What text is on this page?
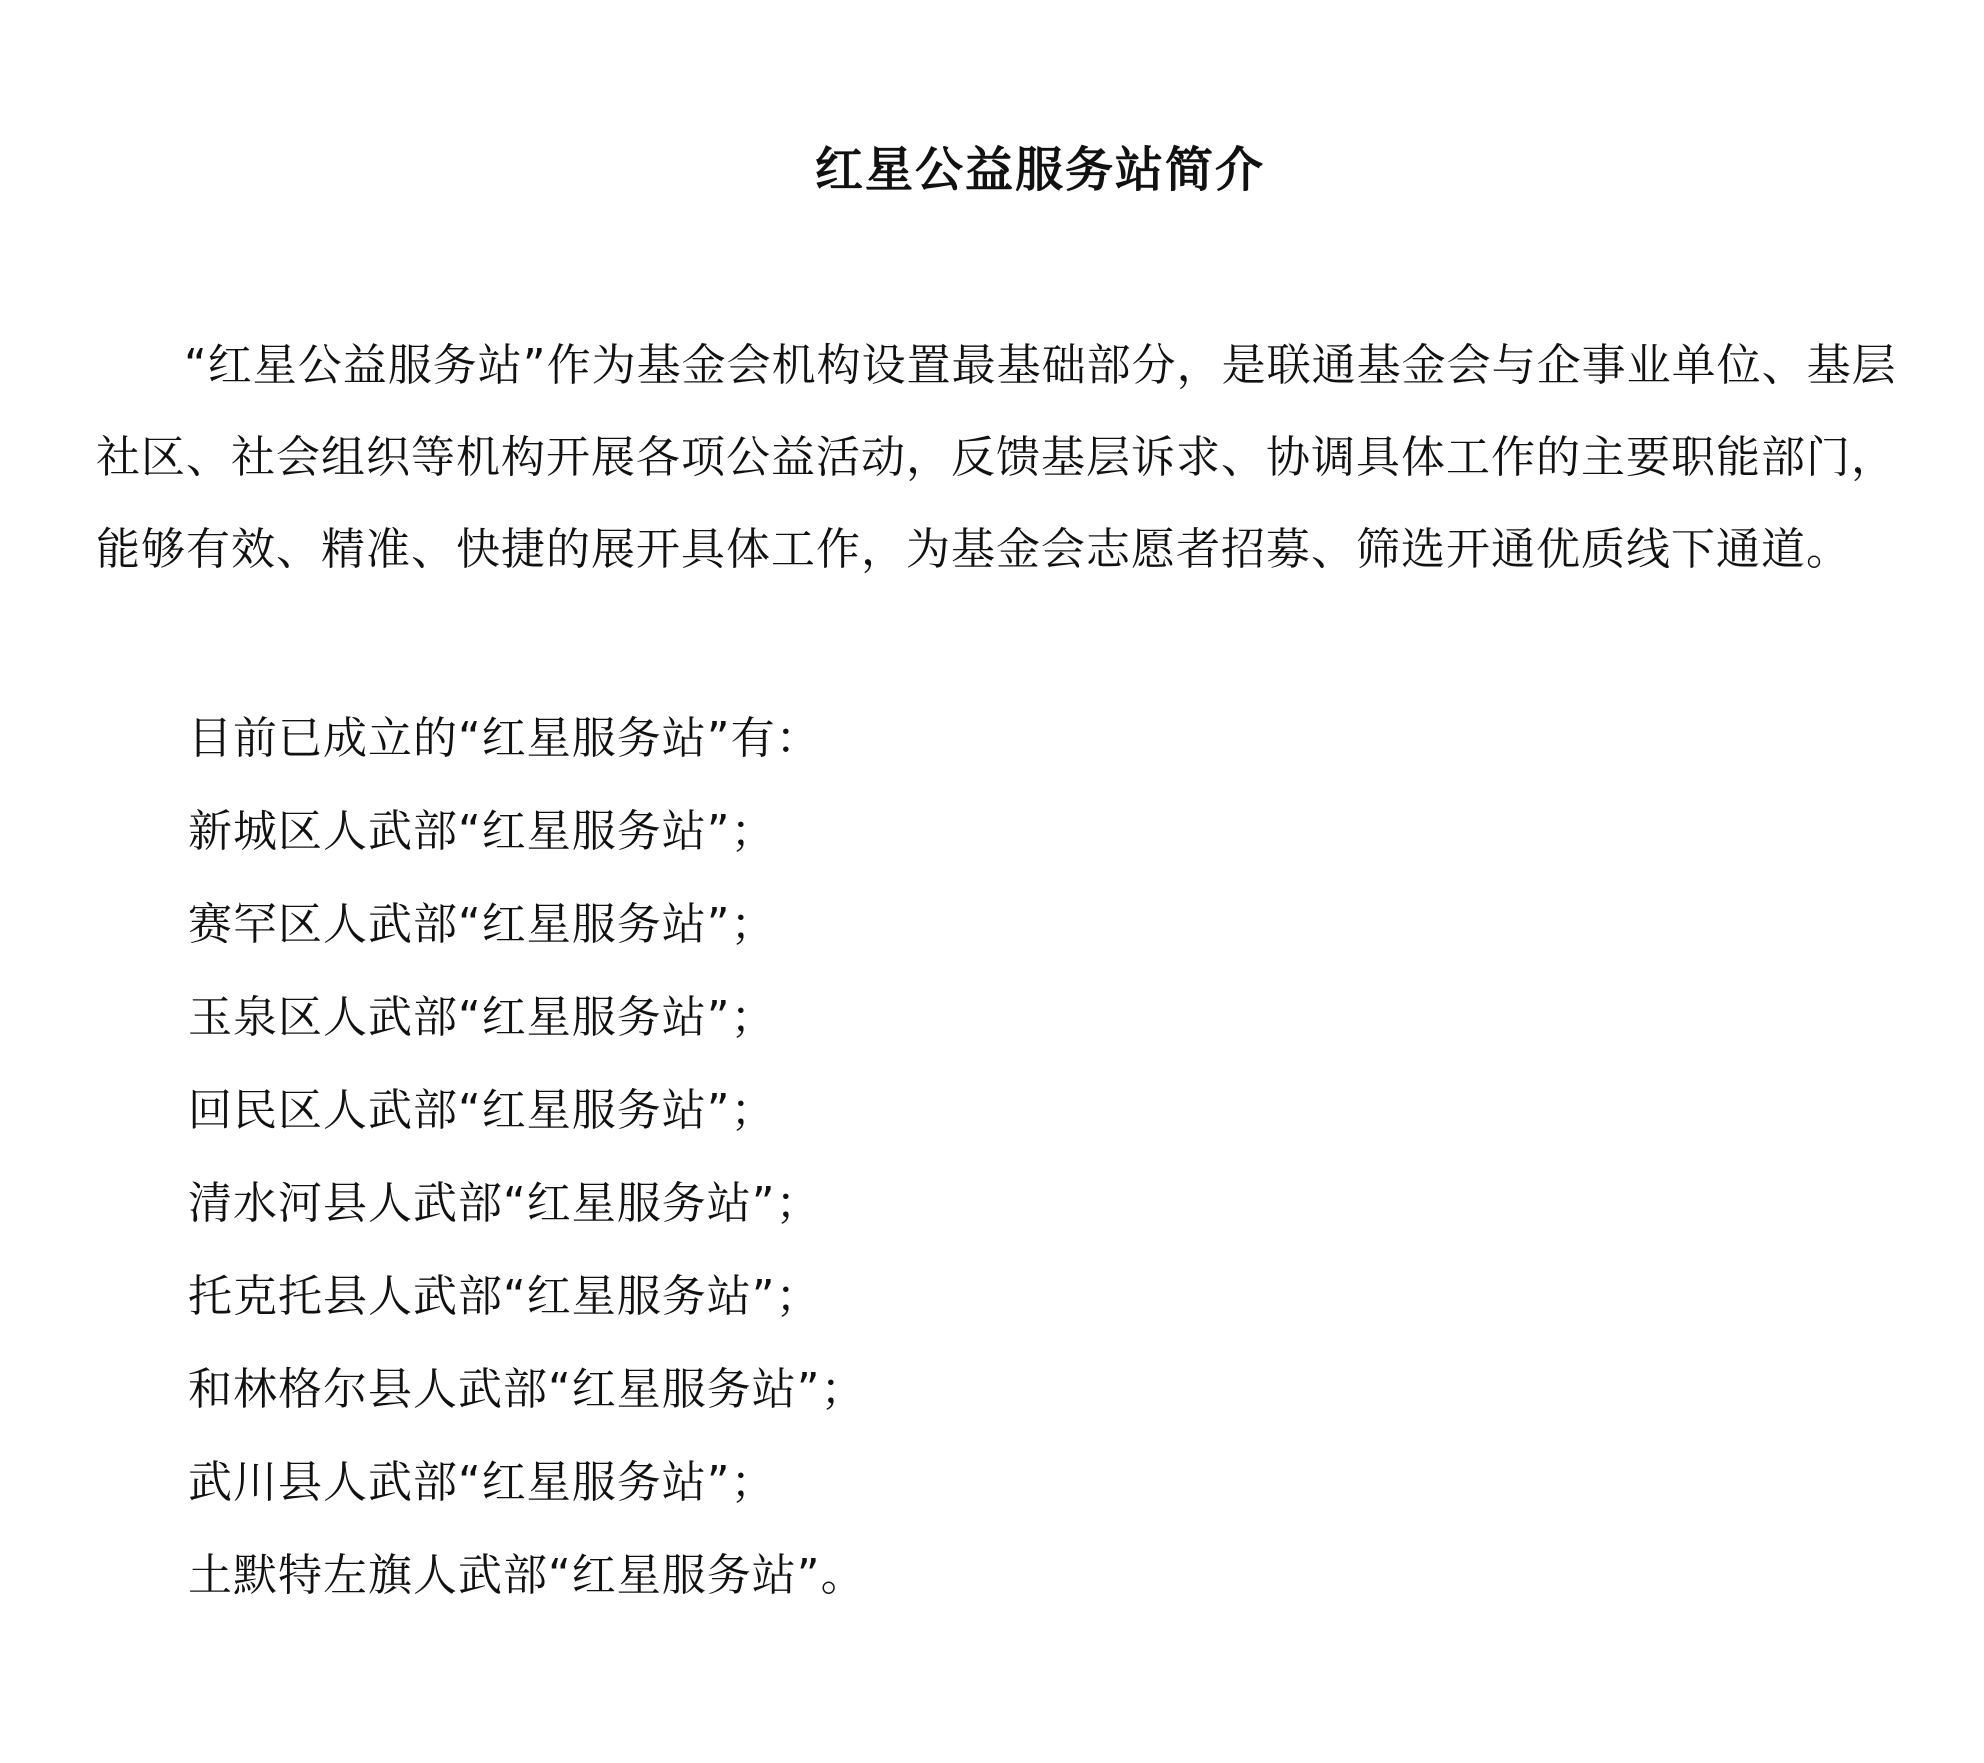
红星公益服务站简介

“红星公益服务站”作为基金会机构设置最基础部分，是联通基金会与企事业单位、基层社区、社会组织等机构开展各项公益活动，反馈基层诉求、协调具体工作的主要职能部门，能够有效、精准、快捷的展开具体工作，为基金会志愿者招募、筛选开通优质线下通道。

目前已成立的“红星服务站”有：
新城区人武部“红星服务站”；
赛罕区人武部“红星服务站”；
玉泉区人武部“红星服务站”；
回民区人武部“红星服务站”；
清水河县人武部“红星服务站”；
托克托县人武部“红星服务站”；
和林格尔县人武部“红星服务站”；
武川县人武部“红星服务站”；
土默特左旗人武部“红星服务站”。
